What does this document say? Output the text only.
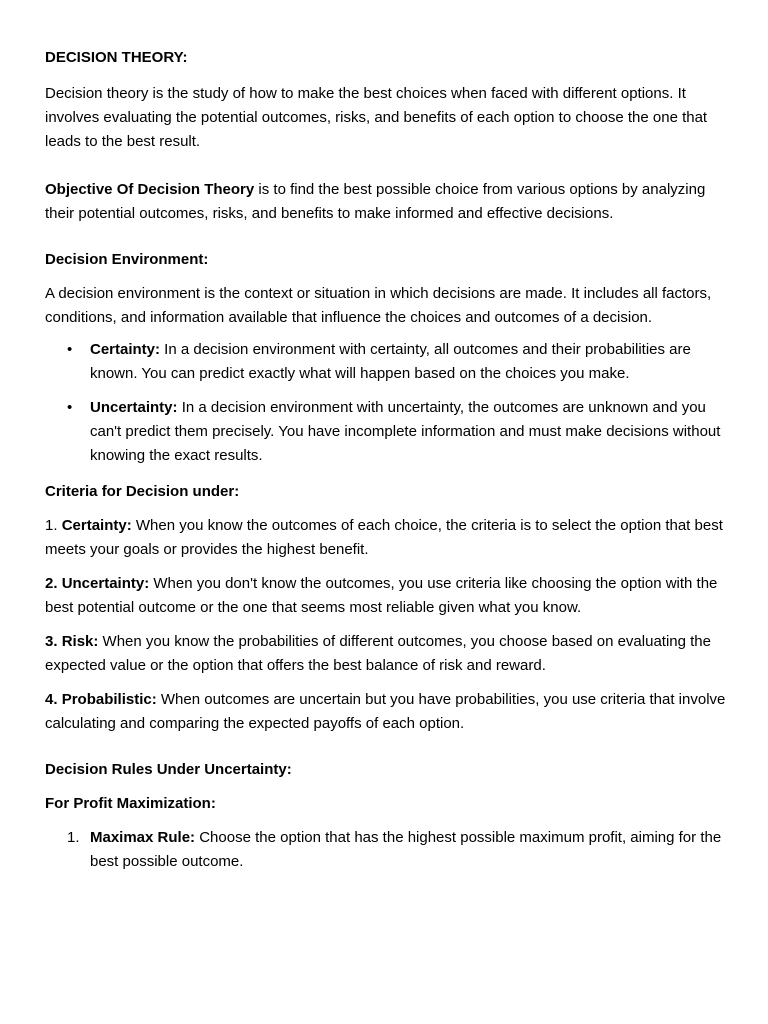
DECISION THEORY:

Decision theory is the study of how to make the best choices when faced with different options. It involves evaluating the potential outcomes, risks, and benefits of each option to choose the one that leads to the best result.

Objective Of Decision Theory is to find the best possible choice from various options by analyzing their potential outcomes, risks, and benefits to make informed and effective decisions.

Decision Environment:

A decision environment is the context or situation in which decisions are made. It includes all factors, conditions, and information available that influence the choices and outcomes of a decision.

• Certainty: In a decision environment with certainty, all outcomes and their probabilities are known. You can predict exactly what will happen based on the choices you make.
• Uncertainty: In a decision environment with uncertainty, the outcomes are unknown and you can't predict them precisely. You have incomplete information and must make decisions without knowing the exact results.

Criteria for Decision under:

1. Certainty: When you know the outcomes of each choice, the criteria is to select the option that best meets your goals or provides the highest benefit.

2. Uncertainty: When you don't know the outcomes, you use criteria like choosing the option with the best potential outcome or the one that seems most reliable given what you know.

3. Risk: When you know the probabilities of different outcomes, you choose based on evaluating the expected value or the option that offers the best balance of risk and reward.

4. Probabilistic: When outcomes are uncertain but you have probabilities, you use criteria that involve calculating and comparing the expected payoffs of each option.

Decision Rules Under Uncertainty:

For Profit Maximization:

1. Maximax Rule: Choose the option that has the highest possible maximum profit, aiming for the best possible outcome.
